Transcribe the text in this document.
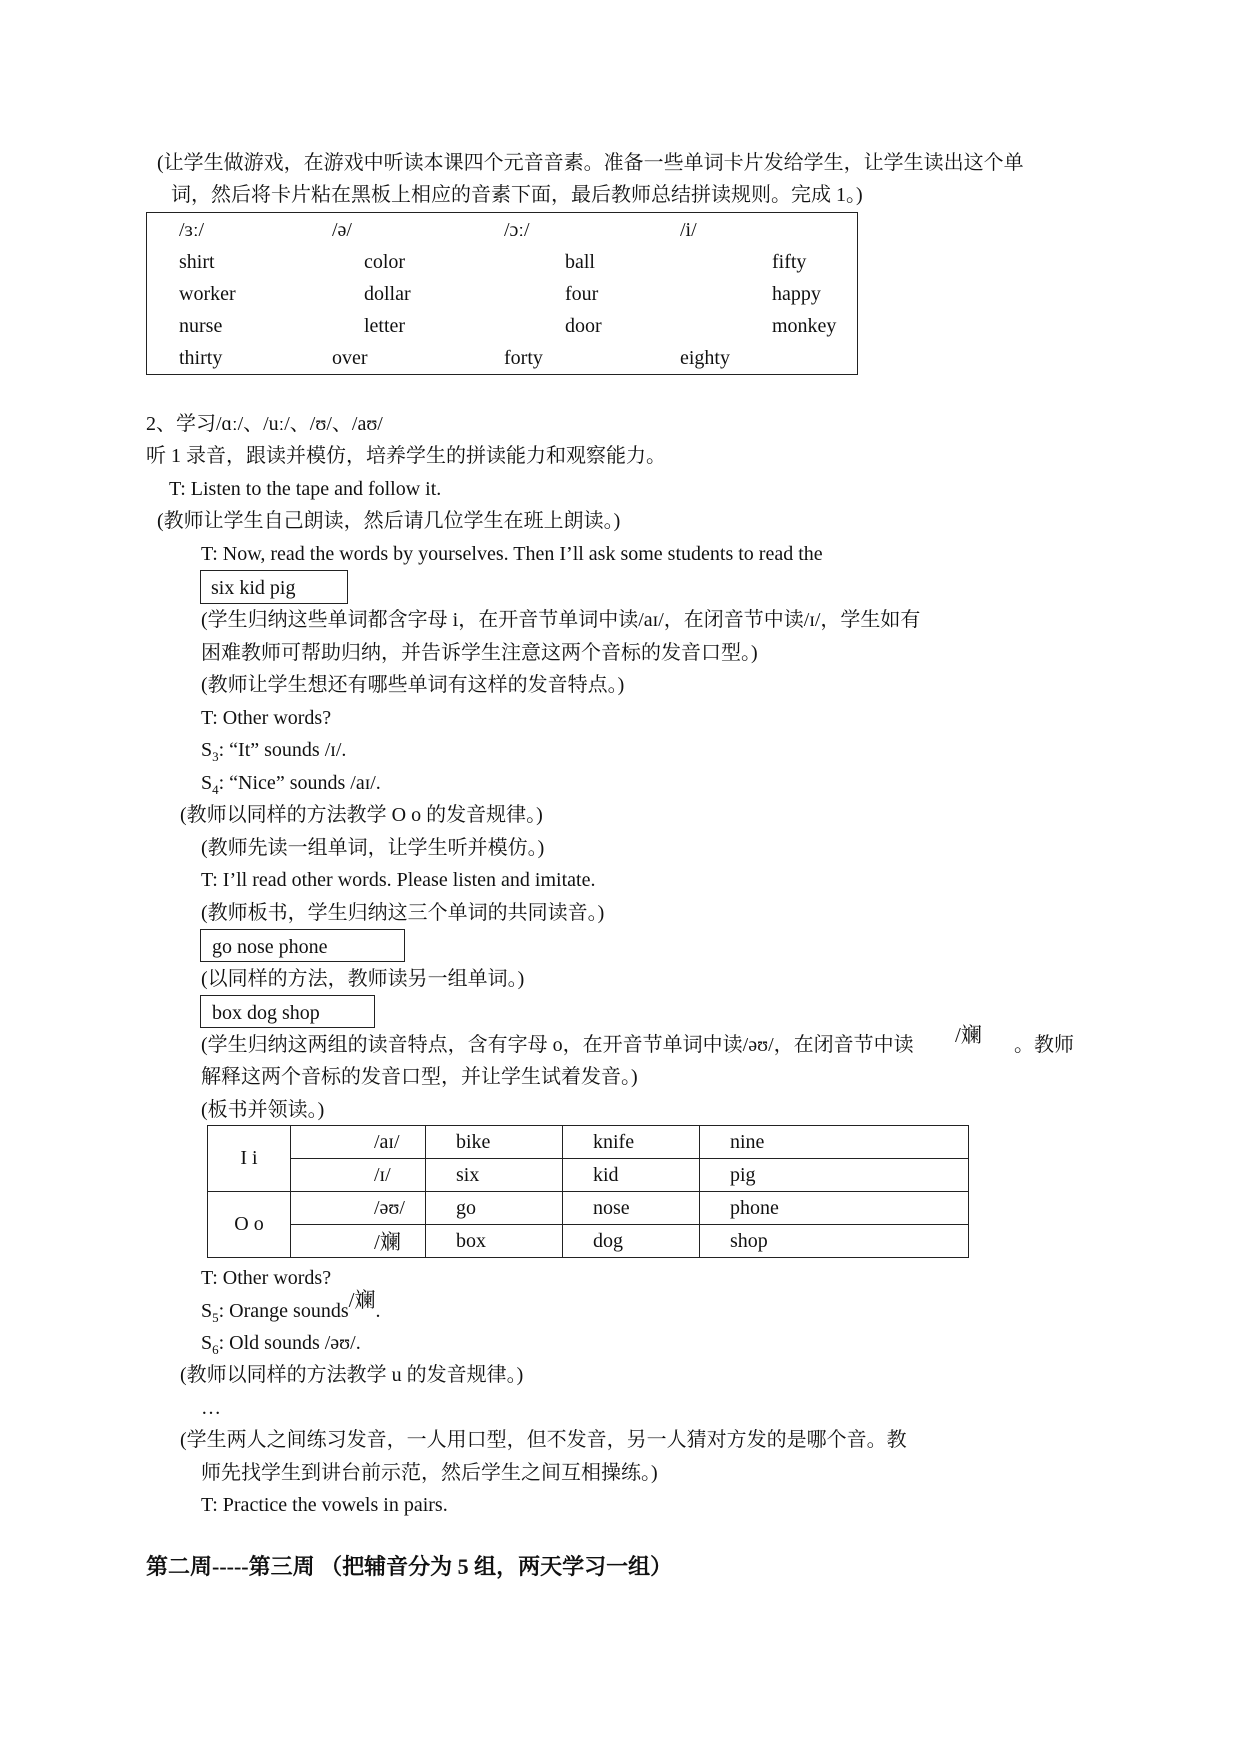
(让学生做游戏，在游戏中听读本课四个元音音素。准备一些单词卡片发给学生，让学生读出这个单
词，然后将卡片粘在黑板上相应的音素下面，最后教师总结拼读规则。完成 1。)
/ɜː/	/ə/	/ɔː/	/i/
shirt	color	ball	fifty
worker	dollar	four	happy
nurse	letter	door	monkey
thirty	over	forty	eighty
2、学习/ɑː/、/uː/、/ʊ/、/aʊ/
听 1 录音，跟读并模仿，培养学生的拼读能力和观察能力。
T: Listen to the tape and follow it.
(教师让学生自己朗读，然后请几位学生在班上朗读。)
T: Now, read the words by yourselves. Then I’ll ask some students to read the
six kid pig
(学生归纳这些单词都含字母 i，在开音节单词中读/aɪ/，在闭音节中读/ɪ/，学生如有
困难教师可帮助归纳，并告诉学生注意这两个音标的发音口型。)
(教师让学生想还有哪些单词有这样的发音特点。)
T: Other words?
$S_3$: “It” sounds /ɪ/.
$S_4$: “Nice” sounds /aɪ/.
(教师以同样的方法教学 O o 的发音规律。)
(教师先读一组单词，让学生听并模仿。)
T: I’ll read other words. Please listen and imitate.
(教师板书，学生归纳这三个单词的共同读音。)
go nose phone
(以同样的方法，教师读另一组单词。)
box dog shop
(学生归纳这两组的读音特点，含有字母 o，在开音节单词中读/əʊ/，在闭音节中读 /斓 。教师
解释这两个音标的发音口型，并让学生试着发音。)
(板书并领读。)
I i	/aɪ/	bike	knife	nine
	/ɪ/	six	kid	pig
O o	/əʊ/	go	nose	phone
	/斓	box	dog	shop
T: Other words?
$S_5$: Orange sounds/斓.
$S_6$: Old sounds /əʊ/.
(教师以同样的方法教学 u 的发音规律。)
…
(学生两人之间练习发音，一人用口型，但不发音，另一人猜对方发的是哪个音。教
师先找学生到讲台前示范，然后学生之间互相操练。)
T: Practice the vowels in pairs.
第二周-----第三周 （把辅音分为 5 组，两天学习一组）
